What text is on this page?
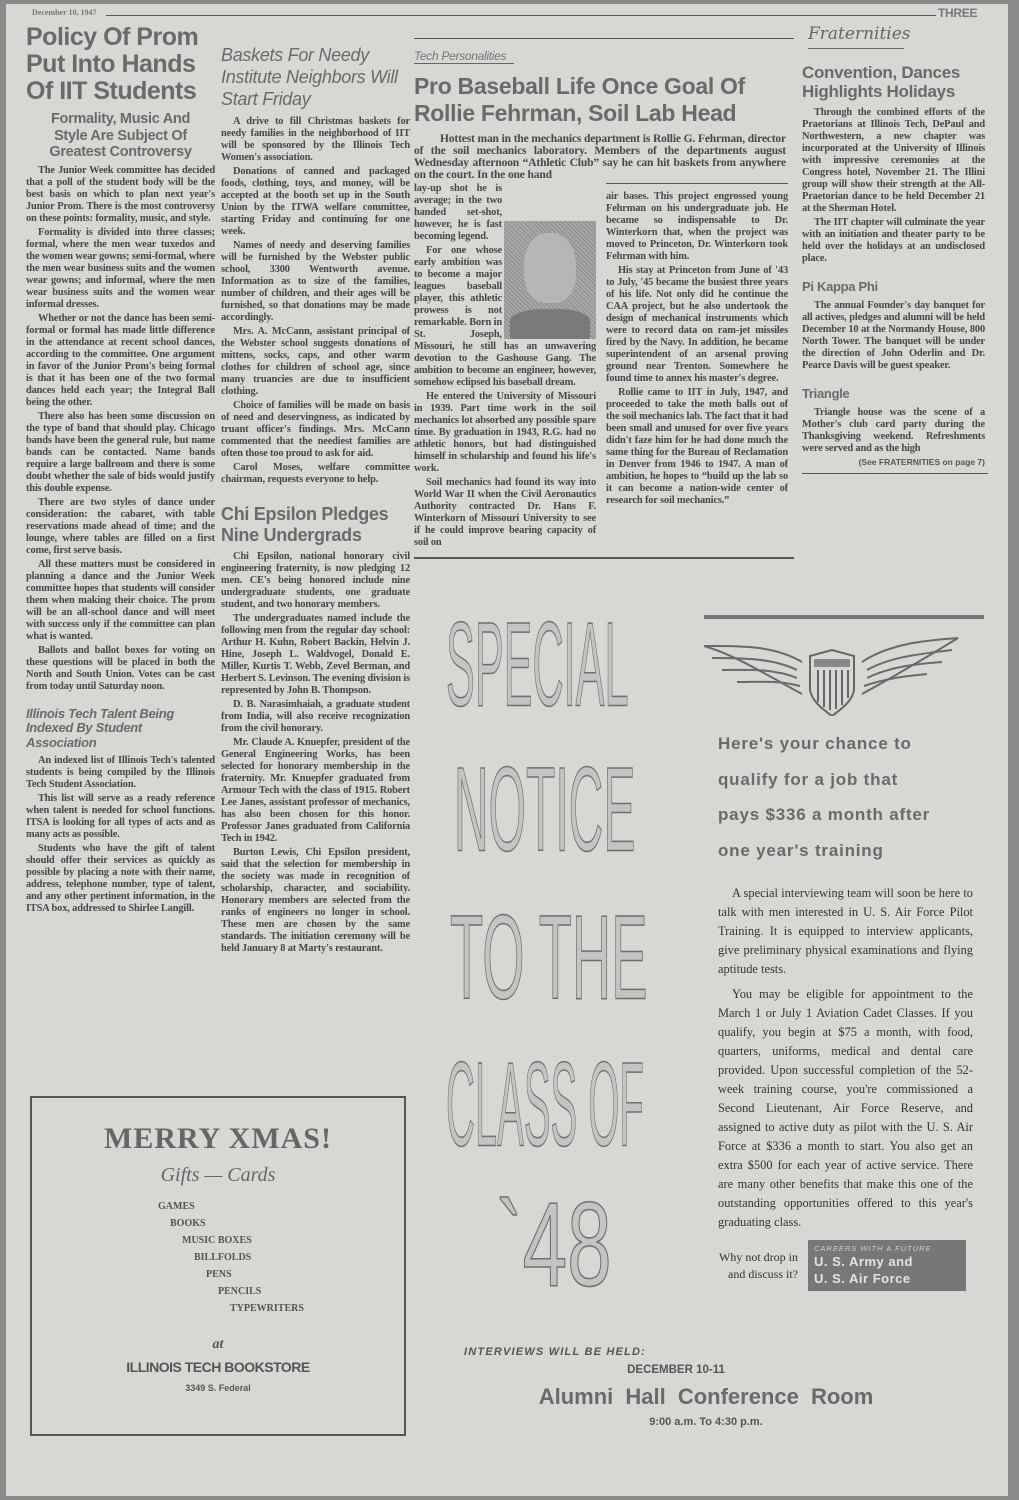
December 10, 1947	THREE
Policy Of Prom Put Into Hands Of IIT Students
Formality, Music And Style Are Subject Of Greatest Controversy

The Junior Week committee has decided that a poll of the student body will be the best basis on which to plan next year's Junior Prom. There is the most controversy on these points: formality, music, and style.

Formality is divided into three classes; formal, where the men wear tuxedos and the women wear gowns; semi-formal, where the men wear business suits and the women wear gowns; and informal, where the men wear business suits and the women wear informal dresses.

Whether or not the dance has been semi-formal or formal has made little difference in the attendance at recent school dances, according to the committee. One argument in favor of the Junior Prom's being formal is that it has been one of the two formal dances held each year; the Integral Ball being the other.

There also has been some discussion on the type of band that should play. Chicago bands have been the general rule, but name bands can be contacted. Name bands require a large ballroom and there is some doubt whether the sale of bids would justify this double expense.

There are two styles of dance under consideration: the cabaret, with table reservations made ahead of time; and the lounge, where tables are filled on a first come, first serve basis.

All these matters must be considered in planning a dance and the Junior Week committee hopes that students will consider them when making their choice. The prom will be an all-school dance and will meet with success only if the committee can plan what is wanted.

Ballots and ballot boxes for voting on these questions will be placed in both the North and South Union. Votes can be cast from today until Saturday noon.

Illinois Tech Talent Being Indexed By Student Association

An indexed list of Illinois Tech's talented students is being compiled by the Illinois Tech Student Association.

This list will serve as a ready reference when talent is needed for school functions. ITSA is looking for all types of acts and as many acts as possible.

Students who have the gift of talent should offer their services as quickly as possible by placing a note with their name, address, telephone number, type of talent, and any other pertinent information, in the ITSA box, addressed to Shirlee Langill.

Baskets For Needy Institute Neighbors Will Start Friday

A drive to fill Christmas baskets for needy families in the neighborhood of IIT will be sponsored by the Illinois Tech Women's association.

Donations of canned and packaged foods, clothing, toys, and money, will be accepted at the booth set up in the South Union by the ITWA welfare committee, starting Friday and continuing for one week.

Names of needy and deserving families will be furnished by the Webster public school, 3300 Wentworth avenue. Information as to size of the families, number of children, and their ages will be furnished, so that donations may be made accordingly.

Mrs. A. McCann, assistant principal of the Webster school suggests donations of mittens, socks, caps, and other warm clothes for children of school age, since many truancies are due to insufficient clothing.

Choice of families will be made on basis of need and deservingness, as indicated by truant officer's findings. Mrs. McCann commented that the neediest families are often those too proud to ask for aid.

Carol Moses, welfare committee chairman, requests everyone to help.

Chi Epsilon Pledges Nine Undergrads

Chi Epsilon, national honorary civil engineering fraternity, is now pledging 12 men. CE's being honored include nine undergraduate students, one graduate student, and two honorary members.

The undergraduates named include the following men from the regular day school: Arthur H. Kuhn, Robert Backin, Helvin J. Hine, Joseph L. Waldvogel, Donald E. Miller, Kurtis T. Webb, Zevel Berman, and Herbert S. Levinson. The evening division is represented by John B. Thompson.

D. B. Narasimhaiah, a graduate student from India, will also receive recognization from the civil honorary.

Mr. Claude A. Knuepfer, president of the General Engineering Works, has been selected for honorary membership in the fraternity. Mr. Knuepfer graduated from Armour Tech with the class of 1915. Robert Lee Janes, assistant professor of mechanics, has also been chosen for this honor. Professor Janes graduated from California Tech in 1942.

Burton Lewis, Chi Epsilon president, said that the selection for membership in the society was made in recognition of scholarship, character, and sociability. Honorary members are selected from the ranks of engineers no longer in school. These men are chosen by the same standards. The initiation ceremony will be held January 8 at Marty's restaurant.

MERRY XMAS!
Gifts — Cards
GAMES
BOOKS
MUSIC BOXES
BILLFOLDS
PENS
PENCILS
TYPEWRITERS
at
ILLINOIS TECH BOOKSTORE
3349 S. Federal
Tech Personalities
Pro Baseball Life Once Goal Of Rollie Fehrman, Soil Lab Head

Hottest man in the mechanics department is Rollie G. Fehrman, director of the soil mechanics laboratory. Members of the departments august Wednesday afternoon “Athletic Club” say he can hit baskets from anywhere on the court. In the one hand

lay-up shot he is average; in the two handed set-shot, however, he is fast becoming legend.

For one whose early ambition was to become a major leagues baseball player, this athletic prowess is not remarkable. Born in St. Joseph, Missouri, he still has an unwavering devotion to the Gashouse Gang. The ambition to become an engineer, however, somehow eclipsed his baseball dream.

He entered the University of Missouri in 1939. Part time work in the soil mechanics lot absorbed any possible spare time. By graduation in 1943, R.G. had no athletic honors, but had distinguished himself in scholarship and found his life's work.

Soil mechanics had found its way into World War II when the Civil Aeronautics Authority contracted Dr. Hans F. Winterkorn of Missouri University to see if he could improve bearing capacity of soil on

air bases. This project engrossed young Fehrman on his undergraduate job. He became so indispensable to Dr. Winterkorn that, when the project was moved to Princeton, Dr. Winterkorn took Fehrman with him.

His stay at Princeton from June of '43 to July, '45 became the busiest three years of his life. Not only did he continue the CAA project, but he also undertook the design of mechanical instruments which were to record data on ram-jet missiles fired by the Navy. In addition, he became superintendent of an arsenal proving ground near Trenton. Somewhere he found time to annex his master's degree.

Rollie came to IIT in July, 1947, and proceeded to take the moth balls out of the soil mechanics lab. The fact that it had been small and unused for over five years didn't faze him for he had done much the same thing for the Bureau of Reclamation in Denver from 1946 to 1947. A man of ambition, he hopes to “build up the lab so it can become a nation-wide center of research for soil mechanics.”

Fraternities
Convention, Dances Highlights Holidays

Through the combined efforts of the Praetorians at Illinois Tech, DePaul and Northwestern, a new chapter was incorporated at the University of Illinois with impressive ceremonies at the Congress hotel, November 21. The Illini group will show their strength at the All-Praetorian dance to be held December 21 at the Sherman Hotel.

The IIT chapter will culminate the year with an initiation and theater party to be held over the holidays at an undisclosed place.

Pi Kappa Phi

The annual Founder's day banquet for all actives, pledges and alumni will be held December 10 at the Normandy House, 800 North Tower. The banquet will be under the direction of John Oderlin and Dr. Pearce Davis will be guest speaker.

Triangle

Triangle house was the scene of a Mother's club card party during the Thanksgiving weekend. Refreshments were served and as the high

(See FRATERNITIES on page 7)
SPECIAL
NOTICE
TO THE
CLASS OF
`48
Here's your chance to
qualify for a job that
pays $336 a month after
one year's training

A special interviewing team will soon be here to talk with men interested in U. S. Air Force Pilot Training. It is equipped to interview applicants, give preliminary physical examinations and flying aptitude tests.

You may be eligible for appointment to the March 1 or July 1 Aviation Cadet Classes. If you qualify, you begin at $75 a month, with food, quarters, uniforms, medical and dental care provided. Upon successful completion of the 52-week training course, you're commissioned a Second Lieutenant, Air Force Reserve, and assigned to active duty as pilot with the U. S. Air Force at $336 a month to start. You also get an extra $500 for each year of active service. There are many other benefits that make this one of the outstanding opportunities offered to this year's graduating class.

Why not drop in and discuss it?
CAREERS WITH A FUTURE
U. S. Army and
U. S. Air Force
INTERVIEWS WILL BE HELD:
DECEMBER 10-11
Alumni Hall Conference Room
9:00 a.m. To 4:30 p.m.
